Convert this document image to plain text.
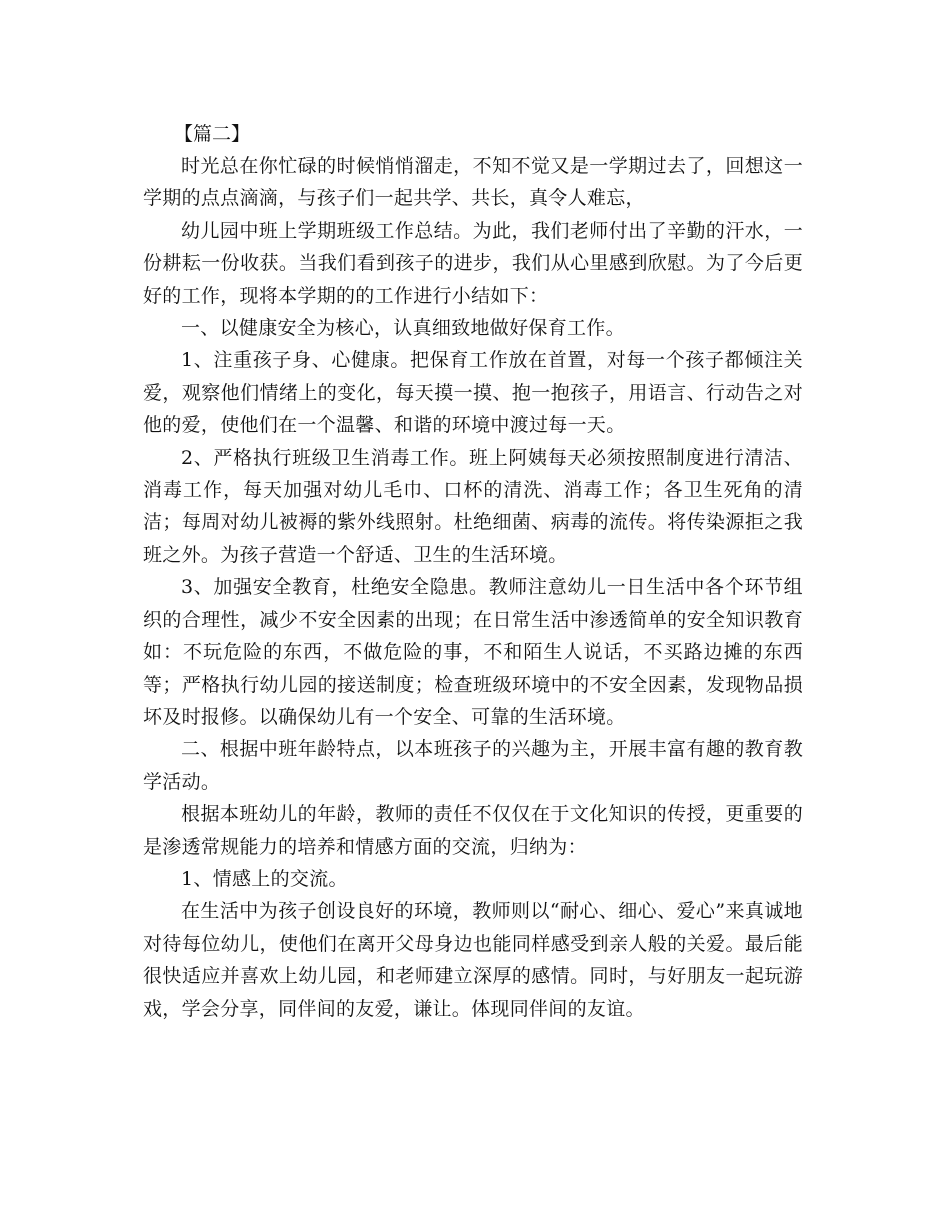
【篇二】

时光总在你忙碌的时候悄悄溜走，不知不觉又是一学期过去了，回想这一学期的点点滴滴，与孩子们一起共学、共长，真令人难忘，

幼儿园中班上学期班级工作总结。为此，我们老师付出了辛勤的汗水，一份耕耘一份收获。当我们看到孩子的进步，我们从心里感到欣慰。为了今后更好的工作，现将本学期的的工作进行小结如下：

一、以健康安全为核心，认真细致地做好保育工作。

1、注重孩子身、心健康。把保育工作放在首置，对每一个孩子都倾注关爱，观察他们情绪上的变化，每天摸一摸、抱一抱孩子，用语言、行动告之对他的爱，使他们在一个温馨、和谐的环境中渡过每一天。

2、严格执行班级卫生消毒工作。班上阿姨每天必须按照制度进行清洁、消毒工作，每天加强对幼儿毛巾、口杯的清洗、消毒工作；各卫生死角的清洁；每周对幼儿被褥的紫外线照射。杜绝细菌、病毒的流传。将传染源拒之我班之外。为孩子营造一个舒适、卫生的生活环境。

3、加强安全教育，杜绝安全隐患。教师注意幼儿一日生活中各个环节组织的合理性，减少不安全因素的出现；在日常生活中渗透简单的安全知识教育如：不玩危险的东西，不做危险的事，不和陌生人说话，不买路边摊的东西等；严格执行幼儿园的接送制度；检查班级环境中的不安全因素，发现物品损坏及时报修。以确保幼儿有一个安全、可靠的生活环境。

二、根据中班年龄特点，以本班孩子的兴趣为主，开展丰富有趣的教育教学活动。

根据本班幼儿的年龄，教师的责任不仅仅在于文化知识的传授，更重要的是渗透常规能力的培养和情感方面的交流，归纳为：

1、情感上的交流。

在生活中为孩子创设良好的环境，教师则以“耐心、细心、爱心”来真诚地对待每位幼儿，使他们在离开父母身边也能同样感受到亲人般的关爱。最后能很快适应并喜欢上幼儿园，和老师建立深厚的感情。同时，与好朋友一起玩游戏，学会分享，同伴间的友爱，谦让。体现同伴间的友谊。
